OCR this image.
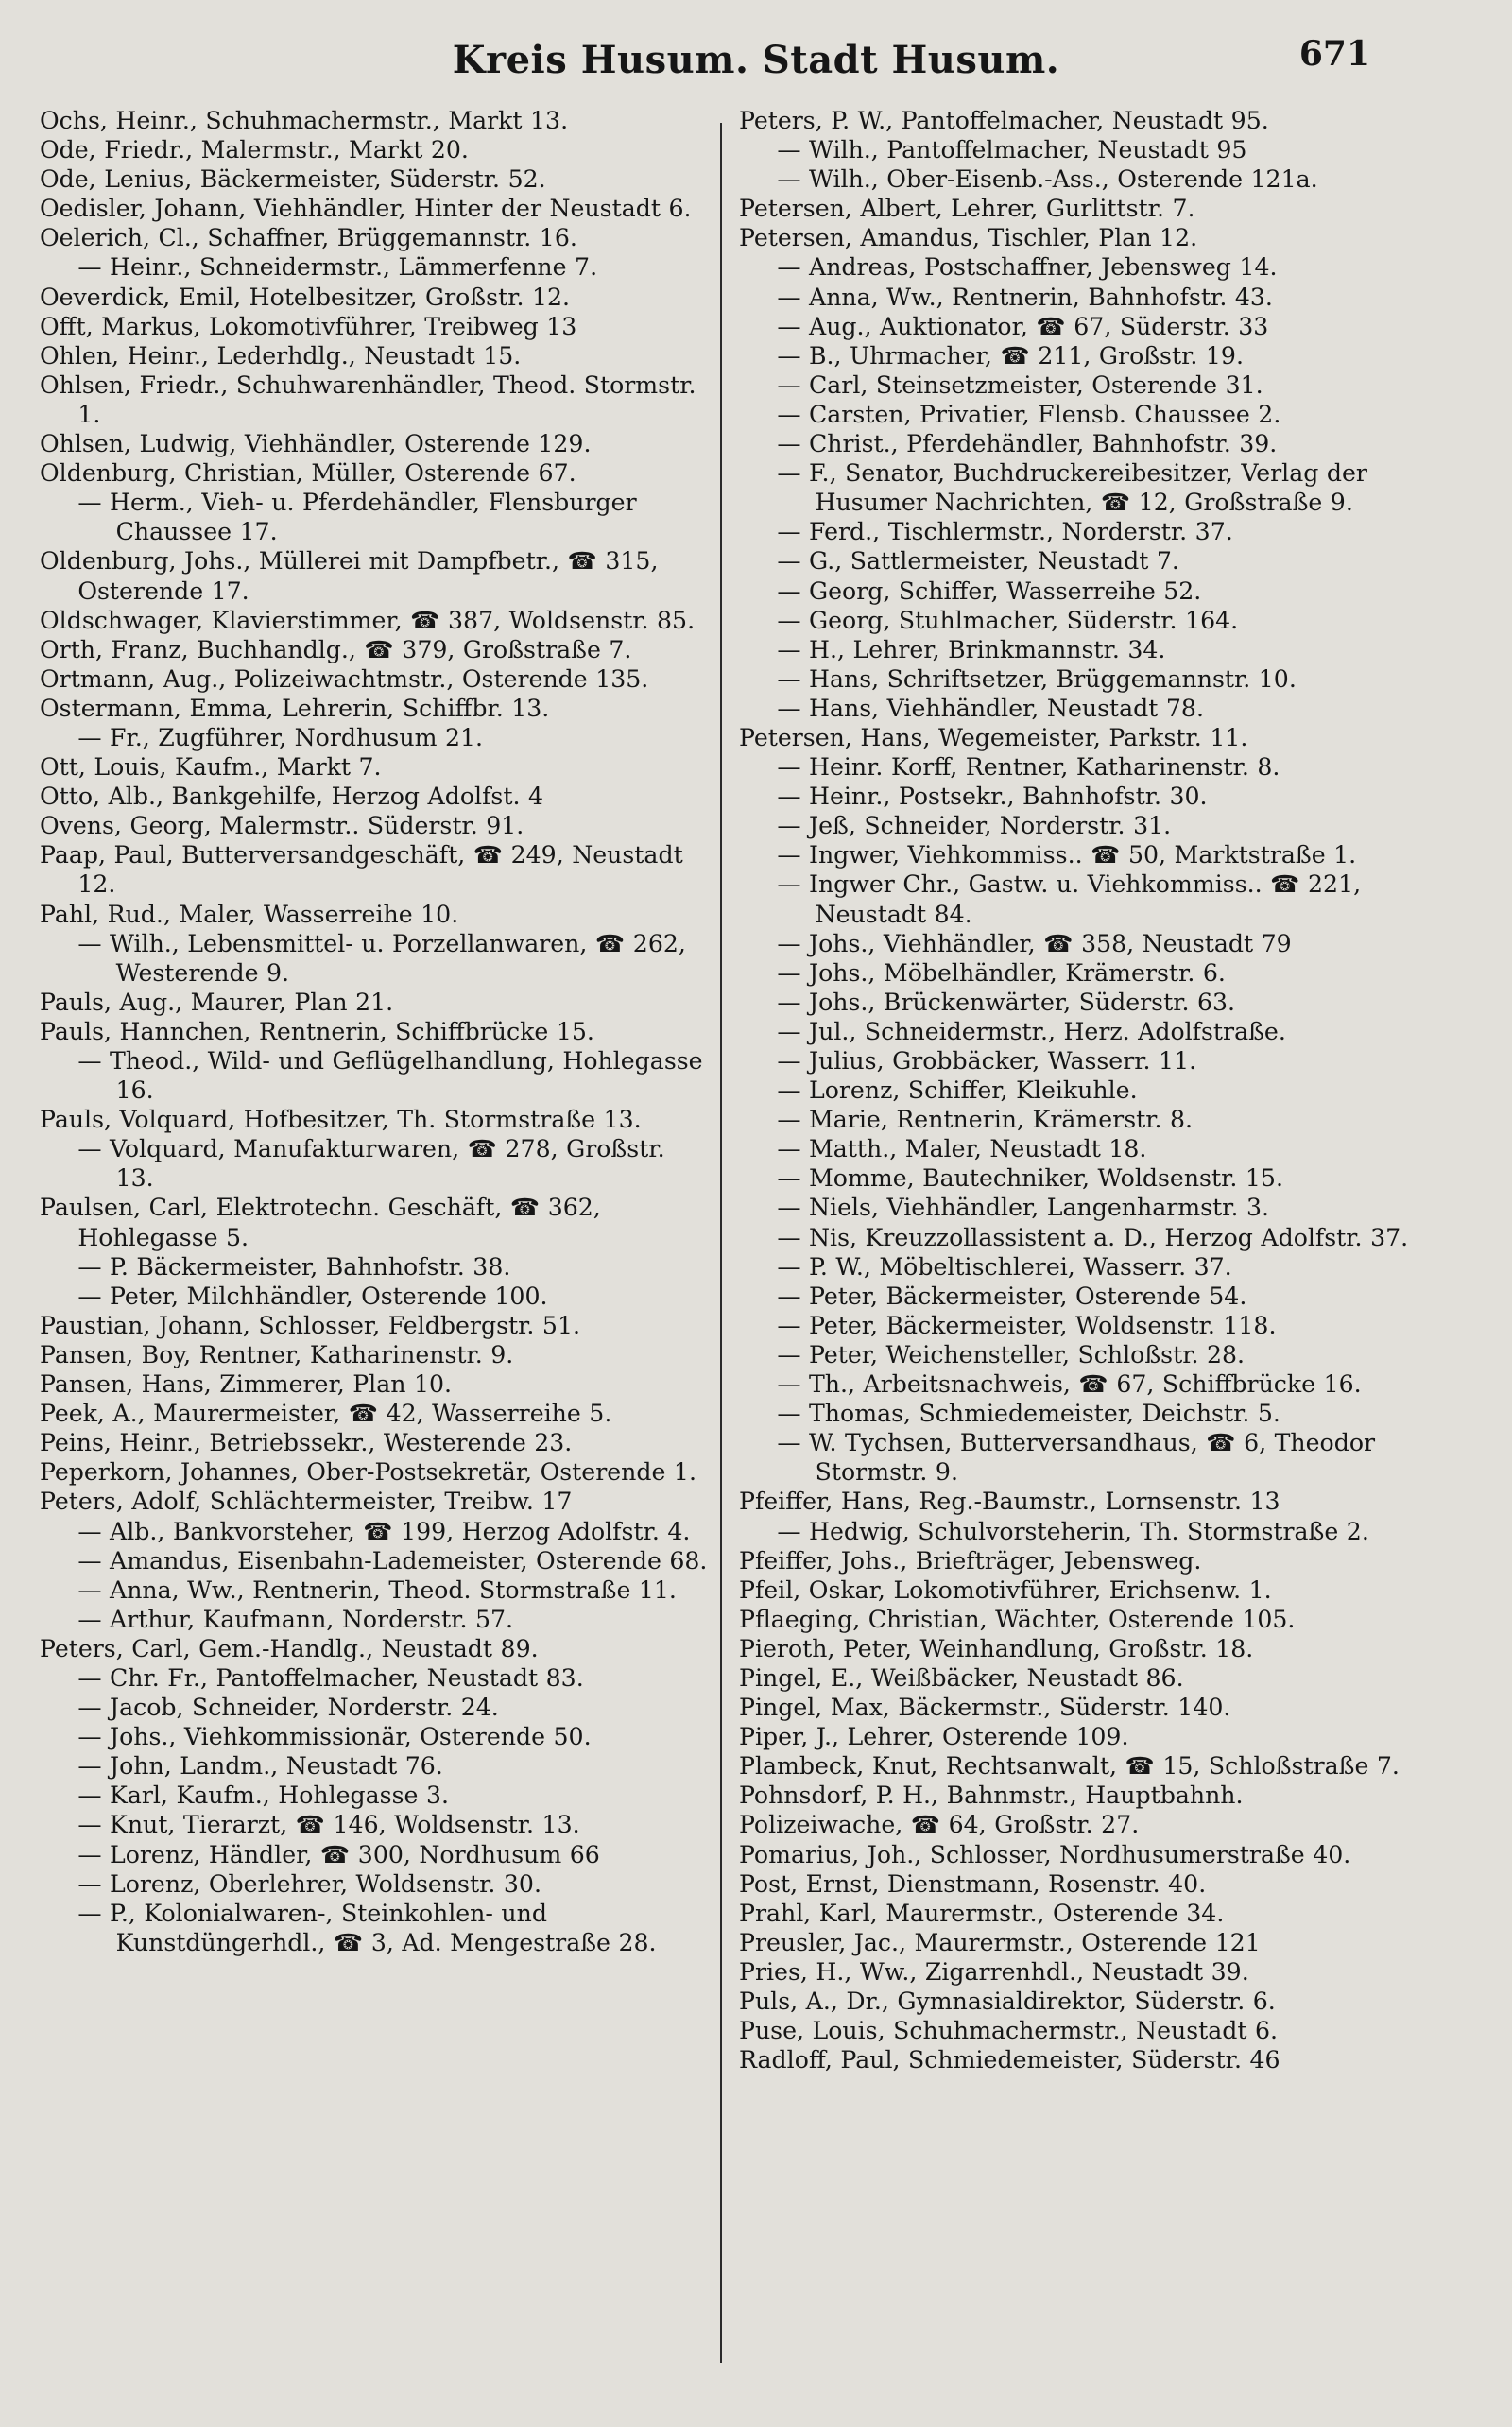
Kreis Husum. Stadt Husum.	671
Ochs, Heinr., Schuhmachermstr., Markt 13.
Ode, Friedr., Malermstr., Markt 20.
Ode, Lenius, Bäckermeister, Süderstr. 52.
Oedisler, Johann, Viehhändler, Hinter der Neustadt 6.
Oelerich, Cl., Schaffner, Brüggemannstr. 16.
— Heinr., Schneidermstr., Lämmerfenne 7.
Oeverdick, Emil, Hotelbesitzer, Großstr. 12.
Offt, Markus, Lokomotivführer, Treibweg 13
Ohlen, Heinr., Lederhdlg., Neustadt 15.
Ohlsen, Friedr., Schuhwarenhändler, Theod. Stormstr. 1.
Ohlsen, Ludwig, Viehhändler, Osterende 129.
Oldenburg, Christian, Müller, Osterende 67.
— Herm., Vieh- u. Pferdehändler, Flensburger Chaussee 17.
Oldenburg, Johs., Müllerei mit Dampfbetr., ☎ 315, Osterende 17.
Oldschwager, Klavierstimmer, ☎ 387, Woldsenstr. 85.
Orth, Franz, Buchhandlg., ☎ 379, Großstraße 7.
Ortmann, Aug., Polizeiwachtmstr., Osterende 135.
Ostermann, Emma, Lehrerin, Schiffbr. 13.
— Fr., Zugführer, Nordhusum 21.
Ott, Louis, Kaufm., Markt 7.
Otto, Alb., Bankgehilfe, Herzog Adolfst. 4
Ovens, Georg, Malermstr.. Süderstr. 91.
Paap, Paul, Butterversandgeschäft, ☎ 249, Neustadt 12.
Pahl, Rud., Maler, Wasserreihe 10.
— Wilh., Lebensmittel- u. Porzellanwaren, ☎ 262, Westerende 9.
Pauls, Aug., Maurer, Plan 21.
Pauls, Hannchen, Rentnerin, Schiffbrücke 15.
— Theod., Wild- und Geflügelhandlung, Hohlegasse 16.
Pauls, Volquard, Hofbesitzer, Th. Stormstraße 13.
— Volquard, Manufakturwaren, ☎ 278, Großstr. 13.
Paulsen, Carl, Elektrotechn. Geschäft, ☎ 362, Hohlegasse 5.
— P. Bäckermeister, Bahnhofstr. 38.
— Peter, Milchhändler, Osterende 100.
Paustian, Johann, Schlosser, Feldbergstr. 51.
Pansen, Boy, Rentner, Katharinenstr. 9.
Pansen, Hans, Zimmerer, Plan 10.
Peek, A., Maurermeister, ☎ 42, Wasserreihe 5.
Peins, Heinr., Betriebssekr., Westerende 23.
Peperkorn, Johannes, Ober-Postsekretär, Osterende 1.
Peters, Adolf, Schlächtermeister, Treibw. 17
— Alb., Bankvorsteher, ☎ 199, Herzog Adolfstr. 4.
— Amandus, Eisenbahn-Lademeister, Osterende 68.
— Anna, Ww., Rentnerin, Theod. Stormstraße 11.
— Arthur, Kaufmann, Norderstr. 57.
Peters, Carl, Gem.-Handlg., Neustadt 89.
— Chr. Fr., Pantoffelmacher, Neustadt 83.
— Jacob, Schneider, Norderstr. 24.
— Johs., Viehkommissionär, Osterende 50.
— John, Landm., Neustadt 76.
— Karl, Kaufm., Hohlegasse 3.
— Knut, Tierarzt, ☎ 146, Woldsenstr. 13.
— Lorenz, Händler, ☎ 300, Nordhusum 66
— Lorenz, Oberlehrer, Woldsenstr. 30.
— P., Kolonialwaren-, Steinkohlen- und Kunstdüngerhdl., ☎ 3, Ad. Mengestraße 28.
Peters, P. W., Pantoffelmacher, Neustadt 95.
— Wilh., Pantoffelmacher, Neustadt 95
— Wilh., Ober-Eisenb.-Ass., Osterende 121a.
Petersen, Albert, Lehrer, Gurlittstr. 7.
Petersen, Amandus, Tischler, Plan 12.
— Andreas, Postschaffner, Jebensweg 14.
— Anna, Ww., Rentnerin, Bahnhofstr. 43.
— Aug., Auktionator, ☎ 67, Süderstr. 33
— B., Uhrmacher, ☎ 211, Großstr. 19.
— Carl, Steinsetzmeister, Osterende 31.
— Carsten, Privatier, Flensb. Chaussee 2.
— Christ., Pferdehändler, Bahnhofstr. 39.
— F., Senator, Buchdruckereibesitzer, Verlag der Husumer Nachrichten, ☎ 12, Großstraße 9.
— Ferd., Tischlermstr., Norderstr. 37.
— G., Sattlermeister, Neustadt 7.
— Georg, Schiffer, Wasserreihe 52.
— Georg, Stuhlmacher, Süderstr. 164.
— H., Lehrer, Brinkmannstr. 34.
— Hans, Schriftsetzer, Brüggemannstr. 10.
— Hans, Viehhändler, Neustadt 78.
Petersen, Hans, Wegemeister, Parkstr. 11.
— Heinr. Korff, Rentner, Katharinenstr. 8.
— Heinr., Postsekr., Bahnhofstr. 30.
— Jeß, Schneider, Norderstr. 31.
— Ingwer, Viehkommiss.. ☎ 50, Marktstraße 1.
— Ingwer Chr., Gastw. u. Viehkommiss.. ☎ 221, Neustadt 84.
— Johs., Viehhändler, ☎ 358, Neustadt 79
— Johs., Möbelhändler, Krämerstr. 6.
— Johs., Brückenwärter, Süderstr. 63.
— Jul., Schneidermstr., Herz. Adolfstraße.
— Julius, Grobbäcker, Wasserr. 11.
— Lorenz, Schiffer, Kleikuhle.
— Marie, Rentnerin, Krämerstr. 8.
— Matth., Maler, Neustadt 18.
— Momme, Bautechniker, Woldsenstr. 15.
— Niels, Viehhändler, Langenharmstr. 3.
— Nis, Kreuzzollassistent a. D., Herzog Adolfstr. 37.
— P. W., Möbeltischlerei, Wasserr. 37.
— Peter, Bäckermeister, Osterende 54.
— Peter, Bäckermeister, Woldsenstr. 118.
— Peter, Weichensteller, Schloßstr. 28.
— Th., Arbeitsnachweis, ☎ 67, Schiffbrücke 16.
— Thomas, Schmiedemeister, Deichstr. 5.
— W. Tychsen, Butterversandhaus, ☎ 6, Theodor Stormstr. 9.
Pfeiffer, Hans, Reg.-Baumstr., Lornsenstr. 13
— Hedwig, Schulvorsteherin, Th. Stormstraße 2.
Pfeiffer, Johs., Briefträger, Jebensweg.
Pfeil, Oskar, Lokomotivführer, Erichsenw. 1.
Pflaeging, Christian, Wächter, Osterende 105.
Pieroth, Peter, Weinhandlung, Großstr. 18.
Pingel, E., Weißbäcker, Neustadt 86.
Pingel, Max, Bäckermstr., Süderstr. 140.
Piper, J., Lehrer, Osterende 109.
Plambeck, Knut, Rechtsanwalt, ☎ 15, Schloßstraße 7.
Pohnsdorf, P. H., Bahnmstr., Hauptbahnh.
Polizeiwache, ☎ 64, Großstr. 27.
Pomarius, Joh., Schlosser, Nordhusumerstraße 40.
Post, Ernst, Dienstmann, Rosenstr. 40.
Prahl, Karl, Maurermstr., Osterende 34.
Preusler, Jac., Maurermstr., Osterende 121
Pries, H., Ww., Zigarrenhdl., Neustadt 39.
Puls, A., Dr., Gymnasialdirektor, Süderstr. 6.
Puse, Louis, Schuhmachermstr., Neustadt 6.
Radloff, Paul, Schmiedemeister, Süderstr. 46
